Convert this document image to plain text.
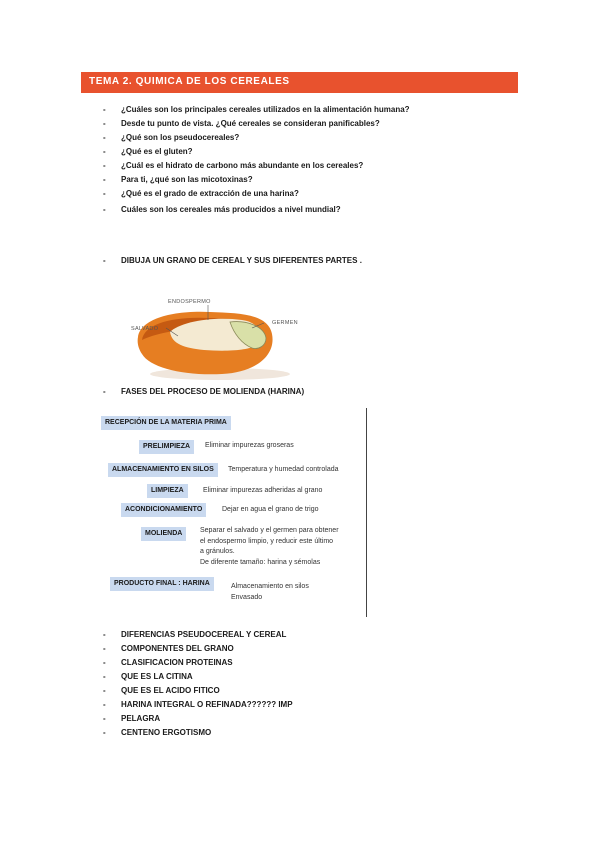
TEMA 2. QUIMICA DE LOS CEREALES
- ¿Cuáles son los principales cereales utilizados en la alimentación humana?
- Desde tu punto de vista. ¿Qué cereales se consideran panificables?
- ¿Qué son los pseudocereales?
- ¿Qué es el gluten?
- ¿Cuál es el hidrato de carbono más abundante en los cereales?
- Para ti, ¿qué son las micotoxinas?
- ¿Qué es el grado de extracción de una harina?
- Cuáles son los cereales más producidos a nivel mundial?
- DIBUJA UN GRANO DE CEREAL Y SUS DIFERENTES PARTES .
ENDOSPERMO
SALVADO
GERMEN
- FASES DEL PROCESO DE MOLIENDA (HARINA)
RECEPCIÓN DE LA MATERIA PRIMA
PRELIMPIEZA	Eliminar impurezas groseras
ALMACENAMIENTO EN SILOS	Temperatura y humedad controlada
LIMPIEZA	Eliminar impurezas adheridas al grano
ACONDICIONAMIENTO	Dejar en agua el grano de trigo
MOLIENDA	Separar el salvado y el germen para obtener
el endospermo limpio, y reducir este último
a gránulos.
De diferente tamaño: harina y sémolas
PRODUCTO FINAL : HARINA	Almacenamiento en silos
Envasado
- DIFERENCIAS PSEUDOCEREAL Y CEREAL
- COMPONENTES DEL GRANO
- CLASIFICACION PROTEINAS
- QUE ES LA CITINA
- QUE ES EL ACIDO FITICO
- HARINA INTEGRAL O REFINADA?????? IMP
- PELAGRA
- CENTENO ERGOTISMO
